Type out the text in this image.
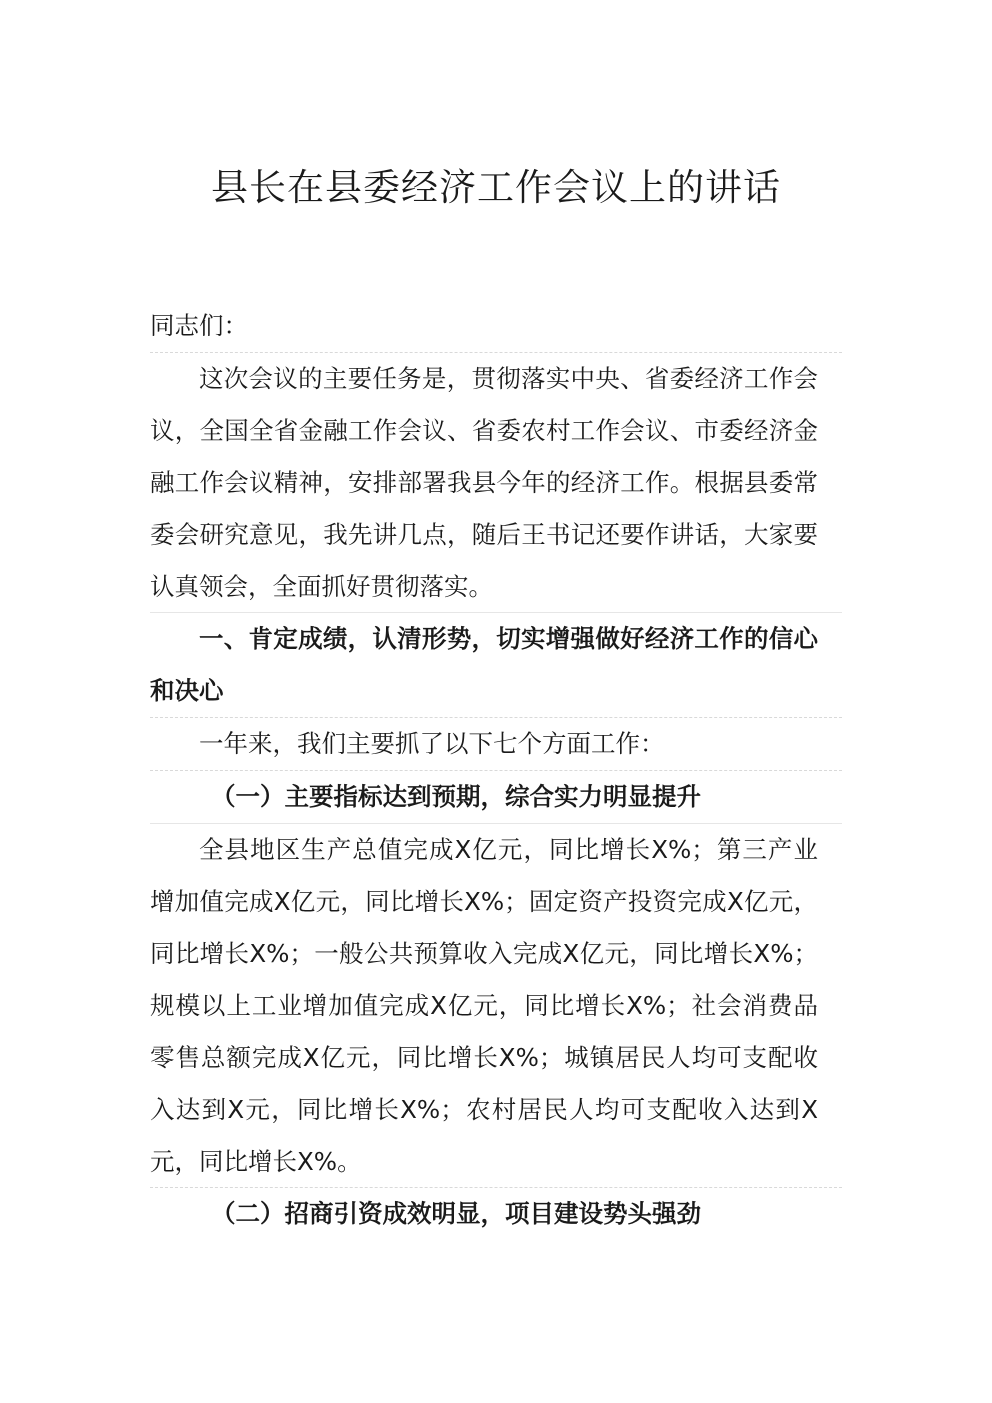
县长在县委经济工作会议上的讲话

同志们：

这次会议的主要任务是，贯彻落实中央、省委经济工作会议，全国全省金融工作会议、省委农村工作会议、市委经济金融工作会议精神，安排部署我县今年的经济工作。根据县委常委会研究意见，我先讲几点，随后王书记还要作讲话，大家要认真领会，全面抓好贯彻落实。

一、肯定成绩，认清形势，切实增强做好经济工作的信心和决心

一年来，我们主要抓了以下七个方面工作：

（一）主要指标达到预期，综合实力明显提升

全县地区生产总值完成X亿元，同比增长X%；第三产业增加值完成X亿元，同比增长X%；固定资产投资完成X亿元，同比增长X%；一般公共预算收入完成X亿元，同比增长X%；规模以上工业增加值完成X亿元，同比增长X%；社会消费品零售总额完成X亿元，同比增长X%；城镇居民人均可支配收入达到X元，同比增长X%；农村居民人均可支配收入达到X元，同比增长X%。

（二）招商引资成效明显，项目建设势头强劲
